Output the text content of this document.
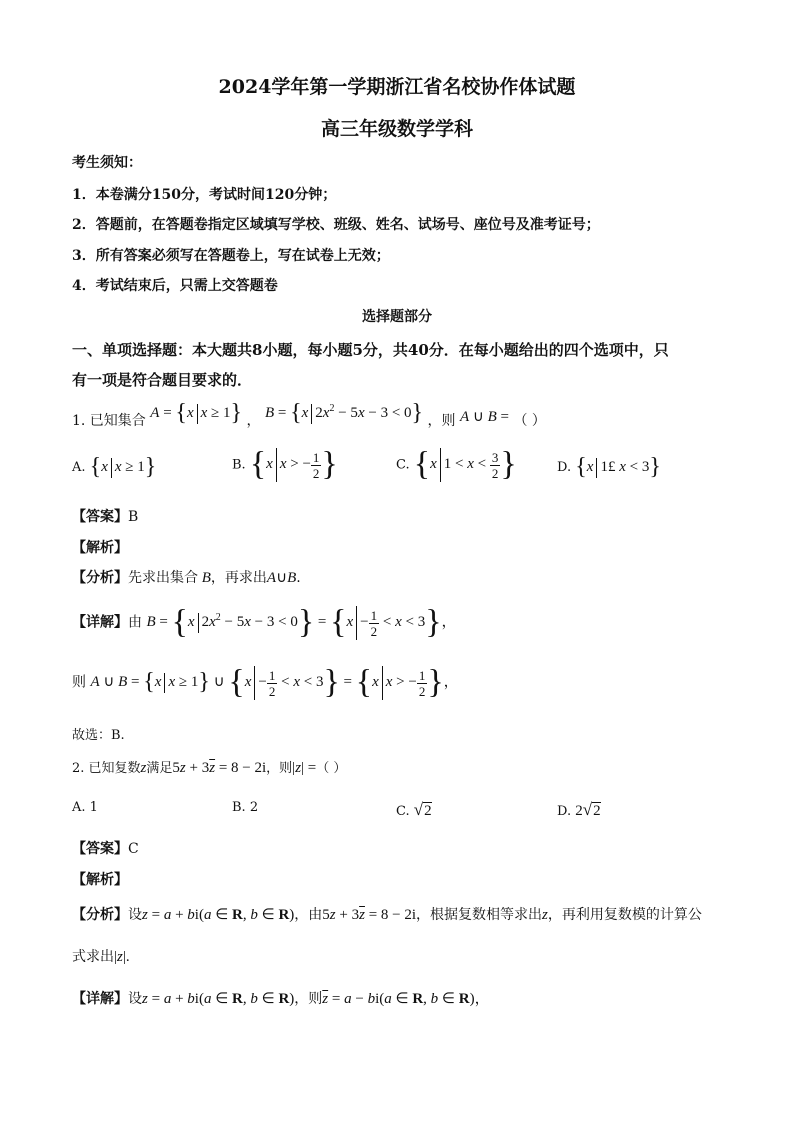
2024学年第一学期浙江省名校协作体试题
高三年级数学学科
考生须知：
1．本卷满分150分，考试时间120分钟；
2．答题前，在答题卷指定区域填写学校、班级、姓名、试场号、座位号及准考证号；
3．所有答案必须写在答题卷上，写在试卷上无效；
4．考试结束后，只需上交答题卷
选择题部分
一、单项选择题：本大题共8小题，每小题5分，共40分．在每小题给出的四个选项中，只
有一项是符合题目要求的．
1. 已知集合 A = {x x ≥ 1} ， B = {x $2x^2 - 5x - 3 < 0$} ，则 A ∪ B = （ ）
A. {x x ≥ 1}	B. {x x > − $\frac{1}{2}$ }	C. {x $1 < x < \frac{3}{2}$ }	D. {x 1£ x < 3}
【答案】B
【解析】
【分析】先求出集合 B，再求出A∪B.
【详解】由 B = {x $2x^2 - 5x - 3 < 0\} = \{x - \frac{1}{2} < x < 3\}$，
则 A ∪ B = {x x ≥ 1} ∪ $\{x - \frac{1}{2} < x < 3\} = \{x$ x > − $\frac{1}{2}$ }，
故选：B.
2. 已知复数z满足$5z + 3\overline{z} = 8 - 2i$，则|z| =（ ）
A. 1	B. 2	C. √2	D. 2√2
【答案】C
【解析】
【分析】设z = a + bi(a ∈ R, b ∈ R)，由$5z + 3\overline{z} = 8 - 2i$，根据复数相等求出z，再利用复数模的计算公
式求出|z|.
【详解】设z = a + bi(a ∈ R, b ∈ R)，则$\overline{z} = a - bi(a$ ∈ R, b ∈ R)，
